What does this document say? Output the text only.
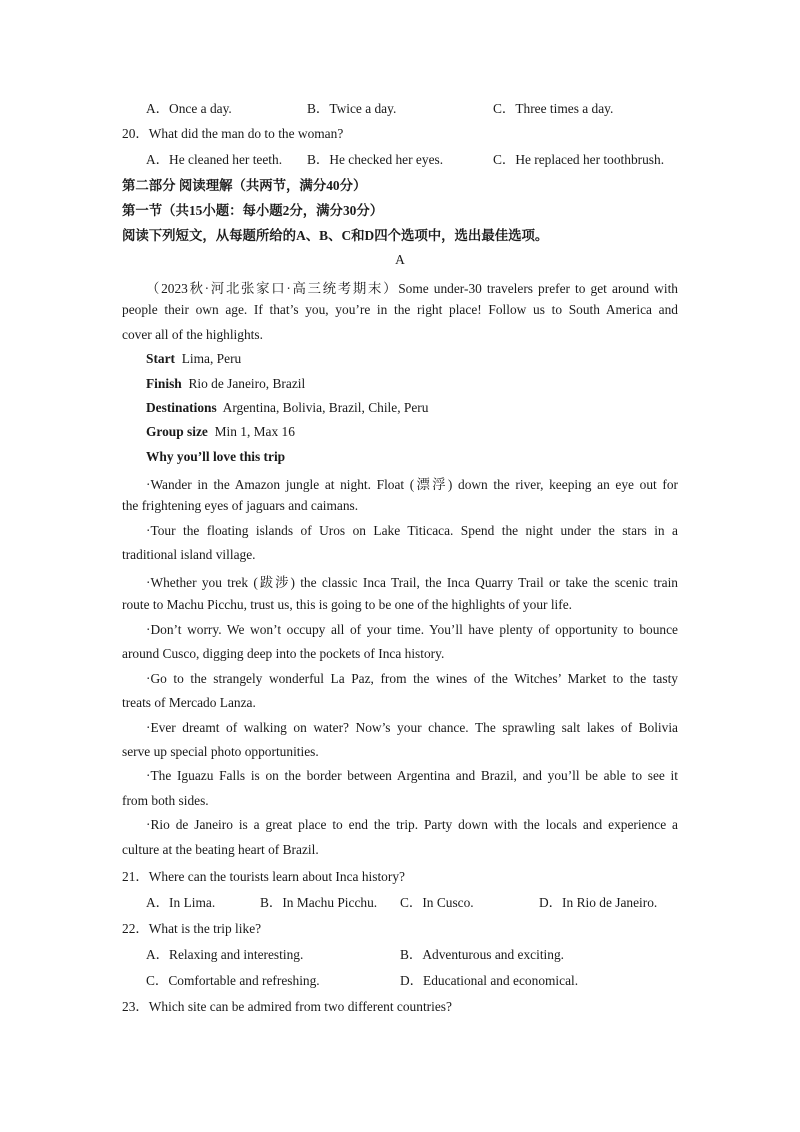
A．Once a day.	B．Twice a day.	C．Three times a day.
20．What did the man do to the woman?
A．He cleaned her teeth. B．He checked her eyes.	C．He replaced her toothbrush.
第二部分 阅读理解（共两节，满分40分）
第一节（共15小题：每小题2分，满分30分）
阅读下列短文，从每题所给的A、B、C和D四个选项中，选出最佳选项。
A
（2023秋·河北张家口·高三统考期末）Some under-30 travelers prefer to get around with
people their own age. If that’s you, you’re in the right place! Follow us to South America and
cover all of the highlights.
Start Lima, Peru
Finish Rio de Janeiro, Brazil
Destinations Argentina, Bolivia, Brazil, Chile, Peru
Group size Min 1, Max 16
Why you’ll love this trip
·Wander in the Amazon jungle at night. Float (漂浮) down the river, keeping an eye out for
the frightening eyes of jaguars and caimans.
·Tour the floating islands of Uros on Lake Titicaca. Spend the night under the stars in a
traditional island village.
·Whether you trek (跋涉) the classic Inca Trail, the Inca Quarry Trail or take the scenic train
route to Machu Picchu, trust us, this is going to be one of the highlights of your life.
·Don’t worry. We won’t occupy all of your time. You’ll have plenty of opportunity to bounce
around Cusco, digging deep into the pockets of Inca history.
·Go to the strangely wonderful La Paz, from the wines of the Witches’ Market to the tasty
treats of Mercado Lanza.
·Ever dreamt of walking on water? Now’s your chance. The sprawling salt lakes of Bolivia
serve up special photo opportunities.
·The Iguazu Falls is on the border between Argentina and Brazil, and you’ll be able to see it
from both sides.
·Rio de Janeiro is a great place to end the trip. Party down with the locals and experience a
culture at the beating heart of Brazil.
21．Where can the tourists learn about Inca history?
A．In Lima.	B．In Machu Picchu. C．In Cusco.	D．In Rio de Janeiro.
22．What is the trip like?
A．Relaxing and interesting.	B．Adventurous and exciting.
C．Comfortable and refreshing.	D．Educational and economical.
23．Which site can be admired from two different countries?
